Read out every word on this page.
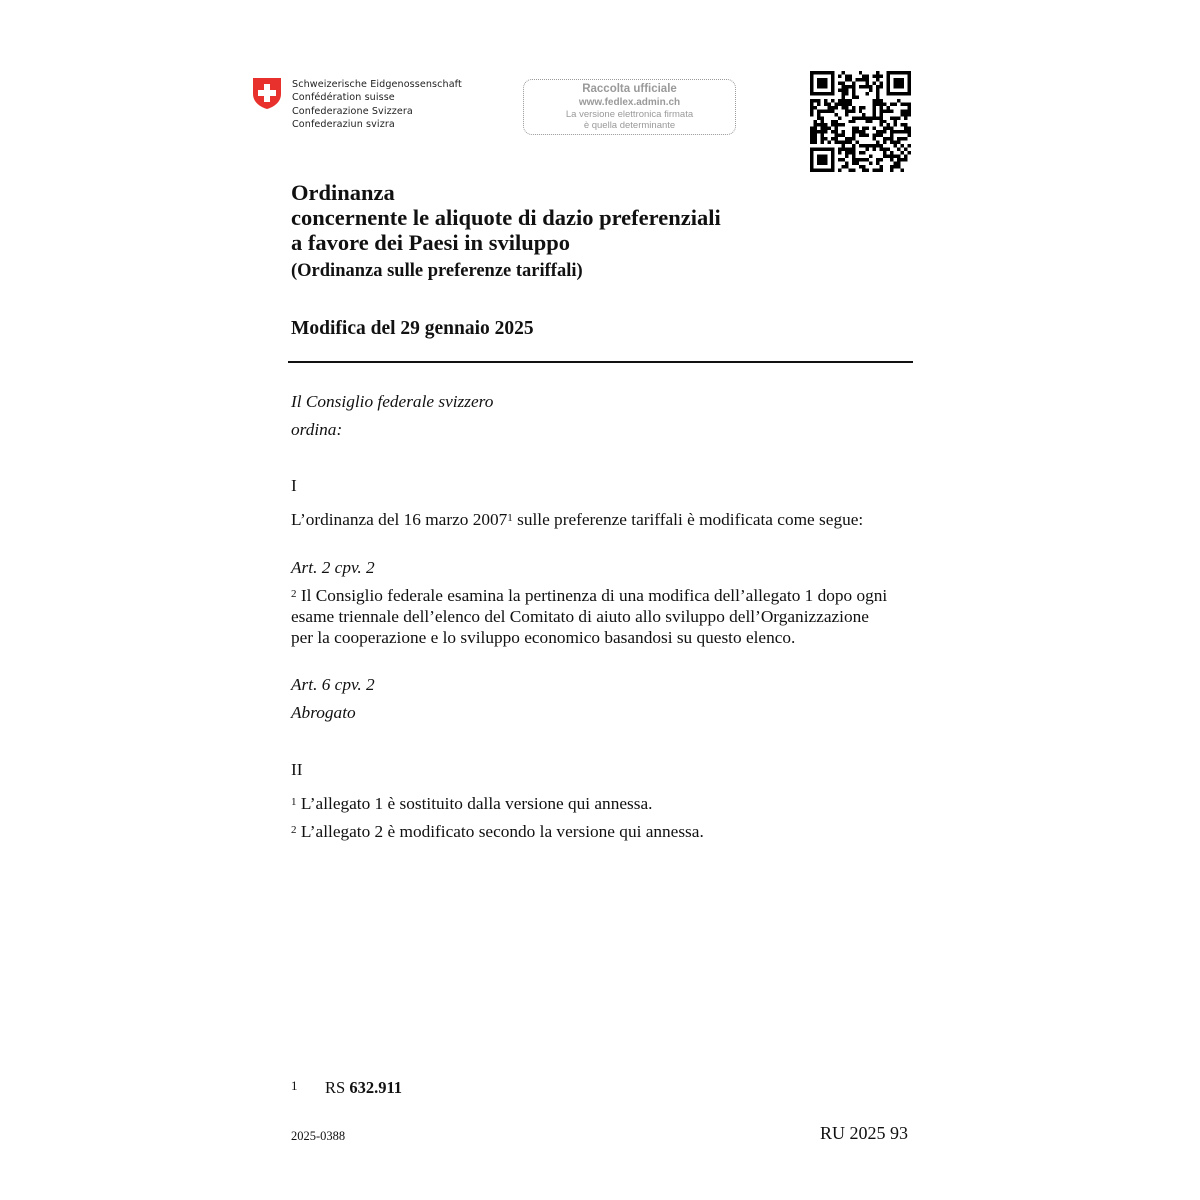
Schweizerische Eidgenossenschaft
Confédération suisse
Confederazione Svizzera
Confederaziun svizra
Raccolta ufficiale
www.fedlex.admin.ch
La versione elettronica firmata
è quella determinante
Ordinanza
concernente le aliquote di dazio preferenziali
a favore dei Paesi in sviluppo
(Ordinanza sulle preferenze tariffali)
Modifica del 29 gennaio 2025
Il Consiglio federale svizzero
ordina:
I
L’ordinanza del 16 marzo 2007$^1$ sulle preferenze tariffali è modificata come segue:
Art. 2 cpv. 2
$^2$ Il Consiglio federale esamina la pertinenza di una modifica dell’allegato 1 dopo ogni
esame triennale dell’elenco del Comitato di aiuto allo sviluppo dell’Organizzazione
per la cooperazione e lo sviluppo economico basandosi su questo elenco.
Art. 6 cpv. 2
Abrogato
II
$^1$ L’allegato 1 è sostituito dalla versione qui annessa.
$^2$ L’allegato 2 è modificato secondo la versione qui annessa.
1 RS 632.911
2025-0388	RU 2025 93
